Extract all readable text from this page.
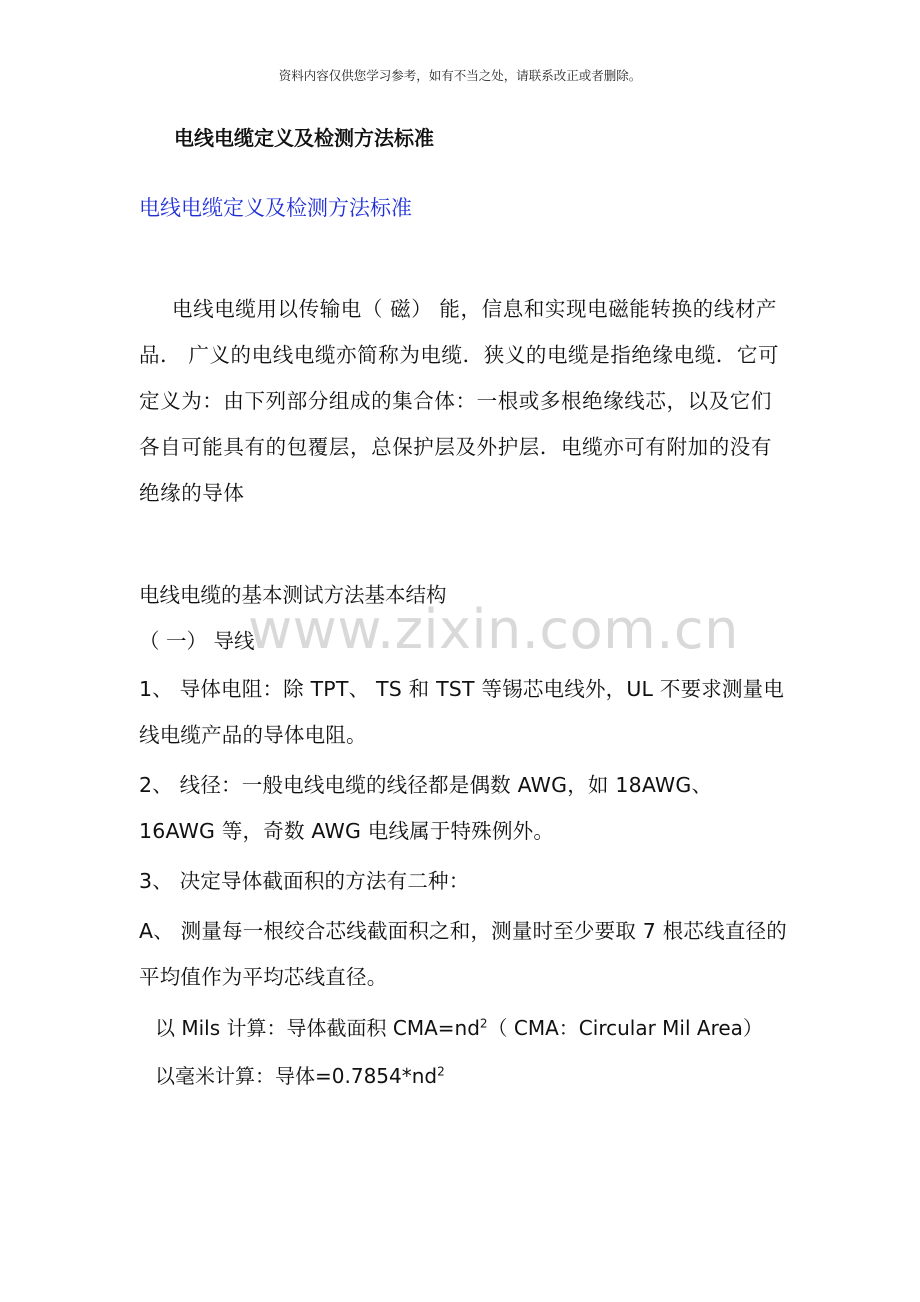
资料内容仅供您学习参考，如有不当之处，请联系改正或者删除。
电线电缆定义及检测方法标准
电线电缆定义及检测方法标准

电线电缆用以传输电（ 磁） 能，信息和实现电磁能转换的线材产品． 广义的电线电缆亦简称为电缆．狭义的电缆是指绝缘电缆．它可定义为：由下列部分组成的集合体：一根或多根绝缘线芯，以及它们各自可能具有的包覆层，总保护层及外护层．电缆亦可有附加的没有绝缘的导体

www.zixin.com.cn
电线电缆的基本测试方法基本结构
（ 一） 导线

1、 导体电阻：除 TPT、 TS 和 TST 等锡芯电线外，UL 不要求测量电线电缆产品的导体电阻。

2、 线径：一般电线电缆的线径都是偶数 AWG，如 18AWG、 16AWG 等，奇数 AWG 电线属于特殊例外。

3、 决定导体截面积的方法有二种：

A、 测量每一根绞合芯线截面积之和，测量时至少要取 7 根芯线直径的平均值作为平均芯线直径。

以 Mils 计算：导体截面积 $CMA=nd^2$（ CMA：Circular Mil Area）
以毫米计算：导体$=0.7854*nd^2$
